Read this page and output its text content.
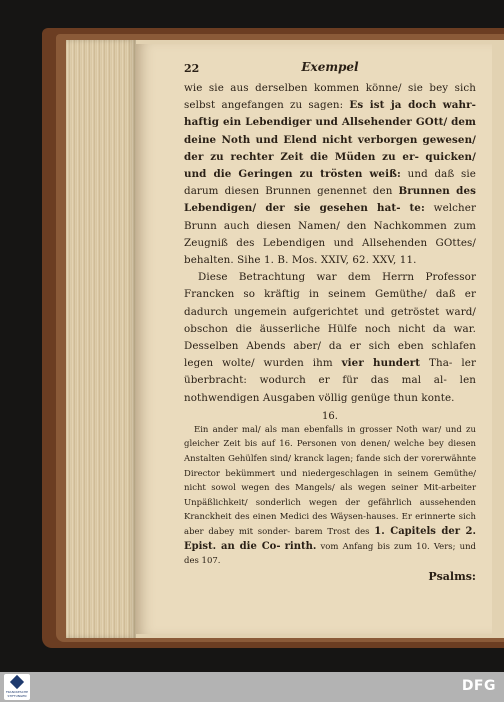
22	Exempel

wie sie aus derselben kommen könne/ sie bey sich selbst angefangen zu sagen: Es ist ja doch wahr- haftig ein Lebendiger und Allsehender GOtt/ dem deine Noth und Elend nicht verborgen gewesen/ der zu rechter Zeit die Müden zu er- quicken/ und die Geringen zu trösten weiß: und daß sie darum diesen Brunnen genennet den Brunnen des Lebendigen/ der sie gesehen hat- te: welcher Brunn auch diesen Namen/ den Nachkommen zum Zeugniß des Lebendigen und Allsehenden GOttes/ behalten. Sihe 1. B. Mos. XXIV, 62. XXV, 11.

Diese Betrachtung war dem Herrn Professor Francken so kräftig in seinem Gemüthe/ daß er dadurch ungemein aufgerichtet und getröstet ward/ obschon die äusserliche Hülfe noch nicht da war. Desselben Abends aber/ da er sich eben schlafen legen wolte/ wurden ihm vier hundert Tha- ler überbracht: wodurch er für das mal al- len nothwendigen Ausgaben völlig genüge thun konte.

16.

Ein ander mal/ als man ebenfalls in grosser Noth war/ und zu gleicher Zeit bis auf 16. Personen von denen/ welche bey diesen Anstalten Gehülfen sind/ kranck lagen; fande sich der vorerwähnte Director bekümmert und niedergeschlagen in seinem Gemüthe/ nicht sowol wegen des Mangels/ als wegen seiner Mit-arbeiter Unpäßlichkeit/ sonderlich wegen der gefährlich aussehenden Kranckheit des einen Medici des Wäysen-hauses. Er erinnerte sich aber dabey mit sonder- barem Trost des 1. Capitels der 2. Epist. an die Co- rinth. vom Anfang bis zum 10. Vers; und des 107.

Psalms:
FRANCKESCHE STIFTUNGEN
DFG
